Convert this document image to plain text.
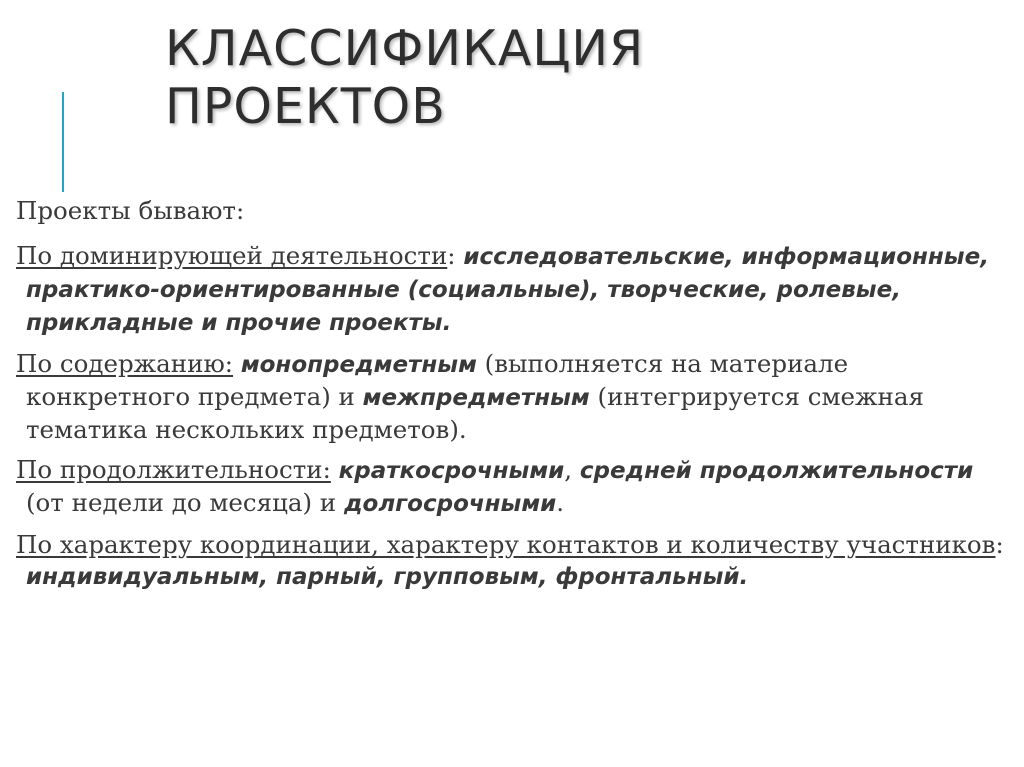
КЛАССИФИКАЦИЯ
ПРОЕКТОВ

Проекты бывают:

По доминирующей деятельности: исследовательские, информационные, практико-ориентированные (социальные), творческие, ролевые, прикладные и прочие проекты.

По содержанию: монопредметным (выполняется на материале конкретного предмета) и межпредметным (интегрируется смежная тематика нескольких предметов).

По продолжительности: краткосрочными, средней продолжительности (от недели до месяца) и долгосрочными.

По характеру координации, характеру контактов и количеству участников: индивидуальным, парный, групповым, фронтальный.
